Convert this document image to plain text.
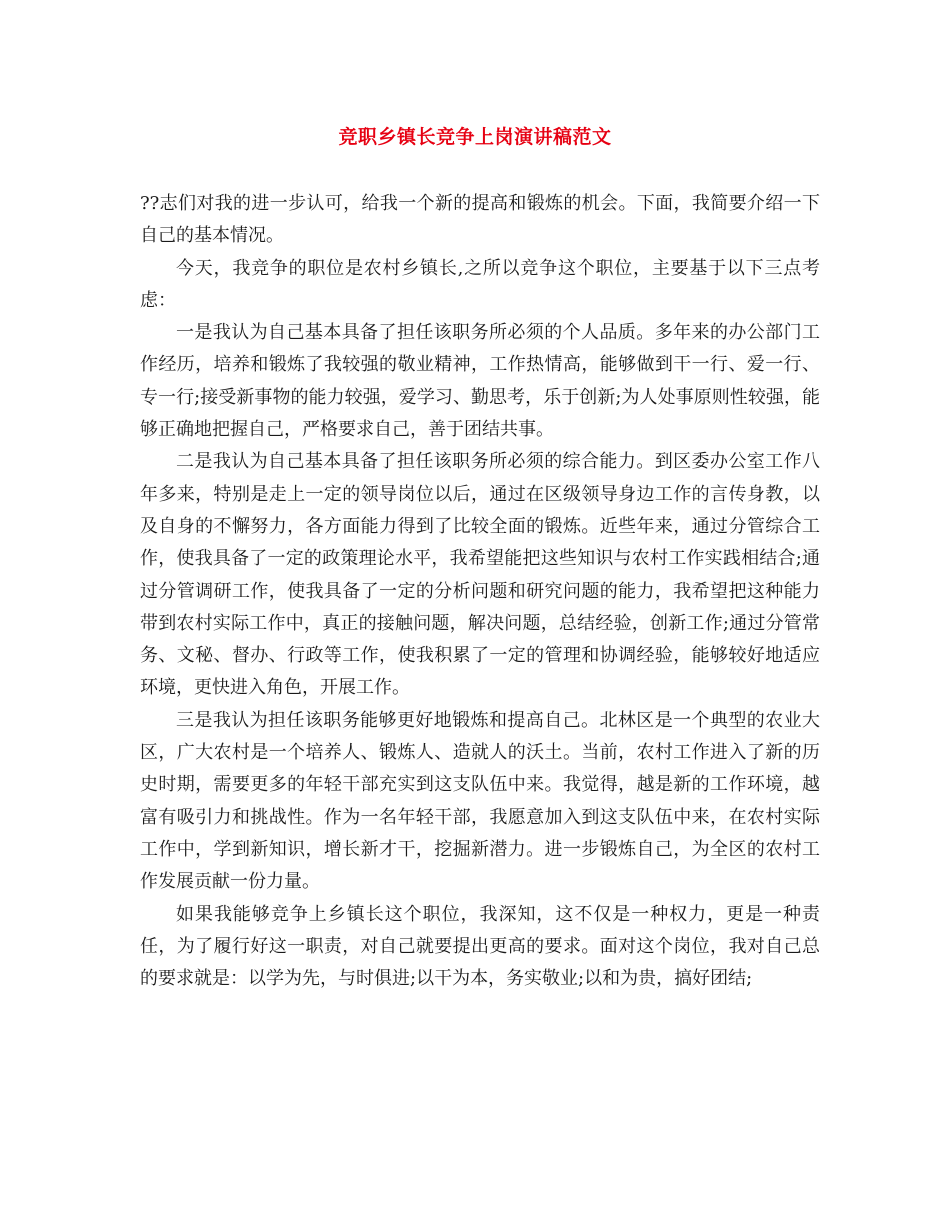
竞职乡镇长竞争上岗演讲稿范文

??志们对我的进一步认可，给我一个新的提高和锻炼的机会。下面，我简要介绍一下自己的基本情况。

今天，我竞争的职位是农村乡镇长,之所以竞争这个职位，主要基于以下三点考虑：

一是我认为自己基本具备了担任该职务所必须的个人品质。多年来的办公部门工作经历，培养和锻炼了我较强的敬业精神，工作热情高，能够做到干一行、爱一行、专一行;接受新事物的能力较强，爱学习、勤思考，乐于创新;为人处事原则性较强，能够正确地把握自己，严格要求自己，善于团结共事。

二是我认为自己基本具备了担任该职务所必须的综合能力。到区委办公室工作八年多来，特别是走上一定的领导岗位以后，通过在区级领导身边工作的言传身教，以及自身的不懈努力，各方面能力得到了比较全面的锻炼。近些年来，通过分管综合工作，使我具备了一定的政策理论水平，我希望能把这些知识与农村工作实践相结合;通过分管调研工作，使我具备了一定的分析问题和研究问题的能力，我希望把这种能力带到农村实际工作中，真正的接触问题，解决问题，总结经验，创新工作;通过分管常务、文秘、督办、行政等工作，使我积累了一定的管理和协调经验，能够较好地适应环境，更快进入角色，开展工作。

三是我认为担任该职务能够更好地锻炼和提高自己。北林区是一个典型的农业大区，广大农村是一个培养人、锻炼人、造就人的沃土。当前，农村工作进入了新的历史时期，需要更多的年轻干部充实到这支队伍中来。我觉得，越是新的工作环境，越富有吸引力和挑战性。作为一名年轻干部，我愿意加入到这支队伍中来，在农村实际工作中，学到新知识，增长新才干，挖掘新潜力。进一步锻炼自己，为全区的农村工作发展贡献一份力量。

如果我能够竞争上乡镇长这个职位，我深知，这不仅是一种权力，更是一种责任，为了履行好这一职责，对自己就要提出更高的要求。面对这个岗位，我对自己总的要求就是：以学为先，与时俱进;以干为本，务实敬业;以和为贵，搞好团结;
